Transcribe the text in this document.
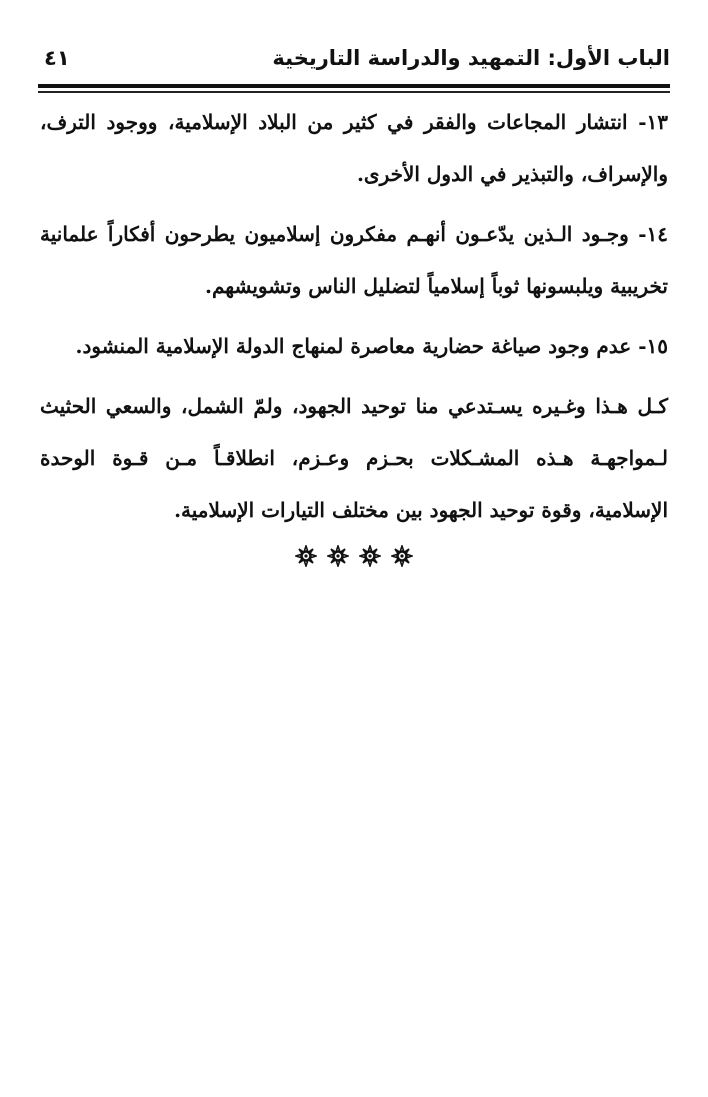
الباب الأول: التمهيد والدراسة التاريخية
٤١

١٣- انتشار المجاعات والفقر في كثير من البلاد الإسلامية، ووجود الترف، والإسراف، والتبذير في الدول الأخرى.

١٤- وجـود الـذين يدّعـون أنهـم مفكرون إسلاميون يطرحون أفكاراً علمانية تخريبية ويلبسونها ثوباً إسلامياً لتضليل الناس وتشويشهم.

١٥- عدم وجود صياغة حضارية معاصرة لمنهاج الدولة الإسلامية المنشود.

كـل هـذا وغـيره يسـتدعي منا توحيد الجهود، ولمّ الشمل، والسعي الحثيث لـمواجهـة هـذه المشـكلات بحـزم وعـزم، انطلاقـاً مـن قـوة الوحدة الإسلامية، وقوة توحيد الجهود بين مختلف التيارات الإسلامية.
